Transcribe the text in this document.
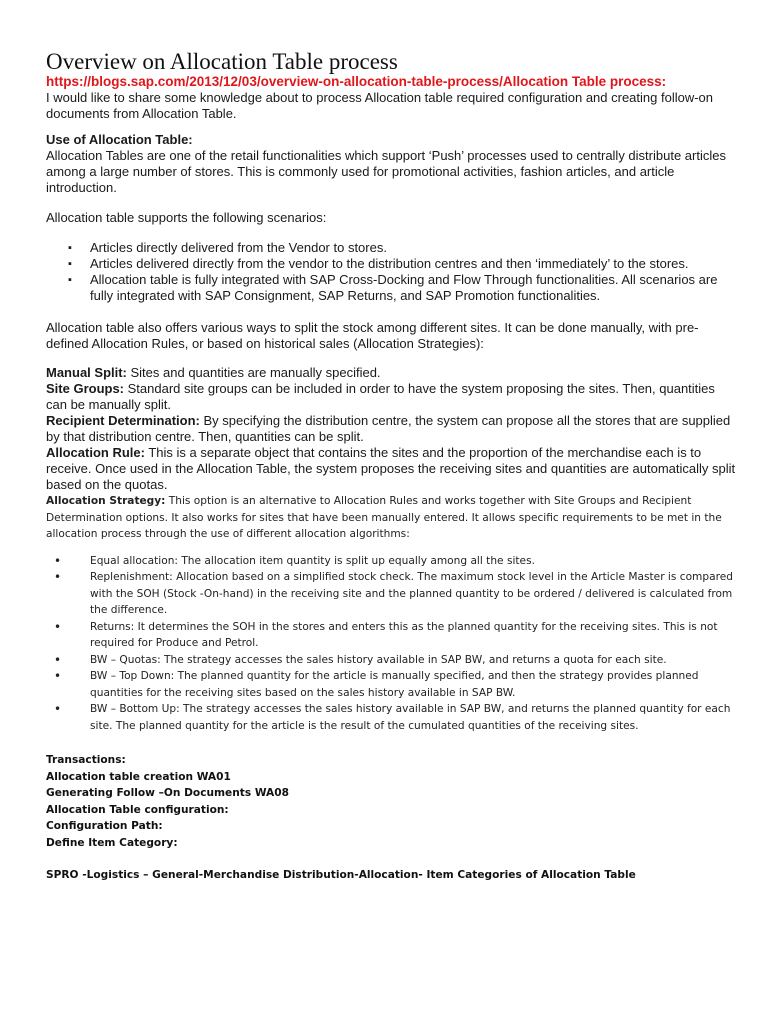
Overview on Allocation Table process

https://blogs.sap.com/2013/12/03/overview-on-allocation-table-process/Allocation Table process:

I would like to share some knowledge about to process Allocation table required configuration and creating follow-on documents from Allocation Table.

Use of Allocation Table:

Allocation Tables are one of the retail functionalities which support ‘Push’ processes used to centrally distribute articles among a large number of stores. This is commonly used for promotional activities, fashion articles, and article introduction.

Allocation table supports the following scenarios:

▪ Articles directly delivered from the Vendor to stores.
▪ Articles delivered directly from the vendor to the distribution centres and then ‘immediately’ to the stores.
▪ Allocation table is fully integrated with SAP Cross-Docking and Flow Through functionalities. All scenarios are fully integrated with SAP Consignment, SAP Returns, and SAP Promotion functionalities.

Allocation table also offers various ways to split the stock among different sites. It can be done manually, with pre-defined Allocation Rules, or based on historical sales (Allocation Strategies):

Manual Split: Sites and quantities are manually specified.

Site Groups: Standard site groups can be included in order to have the system proposing the sites. Then, quantities can be manually split.

Recipient Determination: By specifying the distribution centre, the system can propose all the stores that are supplied by that distribution centre. Then, quantities can be split.

Allocation Rule: This is a separate object that contains the sites and the proportion of the merchandise each is to receive. Once used in the Allocation Table, the system proposes the receiving sites and quantities are automatically split based on the quotas.

Allocation Strategy: This option is an alternative to Allocation Rules and works together with Site Groups and Recipient Determination options. It also works for sites that have been manually entered. It allows specific requirements to be met in the allocation process through the use of different allocation algorithms:

• Equal allocation: The allocation item quantity is split up equally among all the sites.
• Replenishment: Allocation based on a simplified stock check. The maximum stock level in the Article Master is compared with the SOH (Stock -On-hand) in the receiving site and the planned quantity to be ordered / delivered is calculated from the difference.
• Returns: It determines the SOH in the stores and enters this as the planned quantity for the receiving sites. This is not required for Produce and Petrol.
• BW – Quotas: The strategy accesses the sales history available in SAP BW, and returns a quota for each site.
• BW – Top Down: The planned quantity for the article is manually specified, and then the strategy provides planned quantities for the receiving sites based on the sales history available in SAP BW.
• BW – Bottom Up: The strategy accesses the sales history available in SAP BW, and returns the planned quantity for each site. The planned quantity for the article is the result of the cumulated quantities of the receiving sites.
Transactions:
Allocation table creation WA01
Generating Follow –On Documents WA08
Allocation Table configuration:
Configuration Path:
Define Item Category:
SPRO -Logistics – General-Merchandise Distribution-Allocation- Item Categories of Allocation Table
